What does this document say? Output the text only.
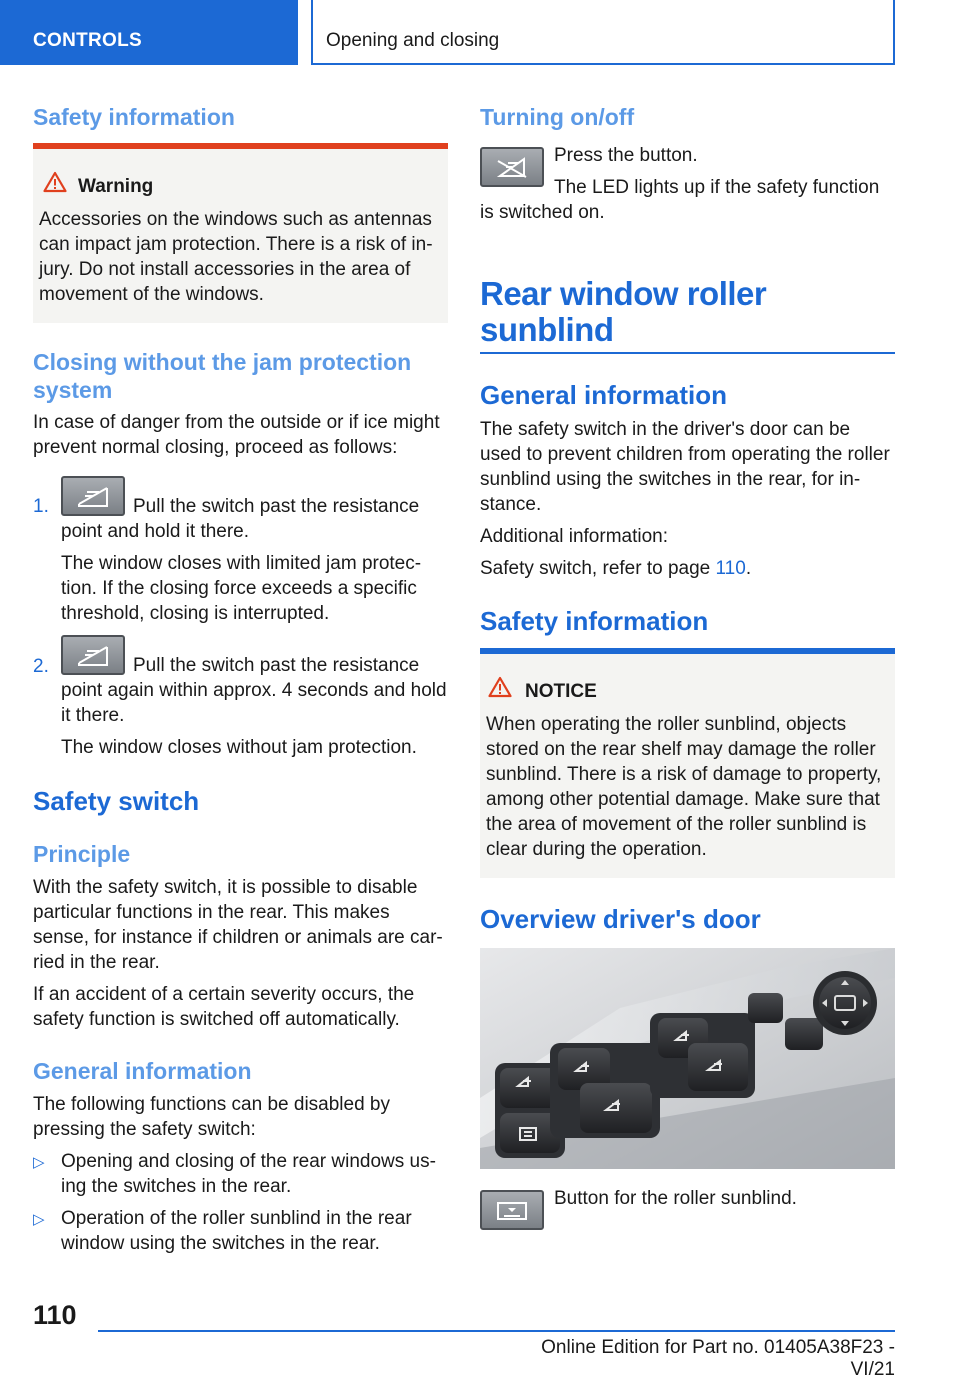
CONTROLS	Opening and closing
Safety information
Warning
Accessories on the windows such as antennas
can impact jam protection. There is a risk of in‐
jury. Do not install accessories in the area of
movement of the windows.
Closing without the jam protection
system
In case of danger from the outside or if ice might
prevent normal closing, proceed as follows:
1.	Pull the switch past the resistance
point and hold it there.
The window closes with limited jam protec‐
tion. If the closing force exceeds a specific
threshold, closing is interrupted.
2.	Pull the switch past the resistance
point again within approx. 4 seconds and hold
it there.
The window closes without jam protection.
Safety switch
Principle
With the safety switch, it is possible to disable
particular functions in the rear. This makes
sense, for instance if children or animals are car‐
ried in the rear.
If an accident of a certain severity occurs, the
safety function is switched off automatically.
General information
The following functions can be disabled by
pressing the safety switch:
▷ Opening and closing of the rear windows us‐
ing the switches in the rear.
▷ Operation of the roller sunblind in the rear
window using the switches in the rear.
Turning on/off
Press the button.
The LED lights up if the safety function
is switched on.
Rear window roller
sunblind
General information
The safety switch in the driver's door can be
used to prevent children from operating the roller
sunblind using the switches in the rear, for in‐
stance.
Additional information:
Safety switch, refer to page 110.
Safety information
NOTICE
When operating the roller sunblind, objects
stored on the rear shelf may damage the roller
sunblind. There is a risk of damage to property,
among other potential damage. Make sure that
the area of movement of the roller sunblind is
clear during the operation.
Overview driver's door
Button for the roller sunblind.
110
Online Edition for Part no. 01405A38F23 - VI/21
